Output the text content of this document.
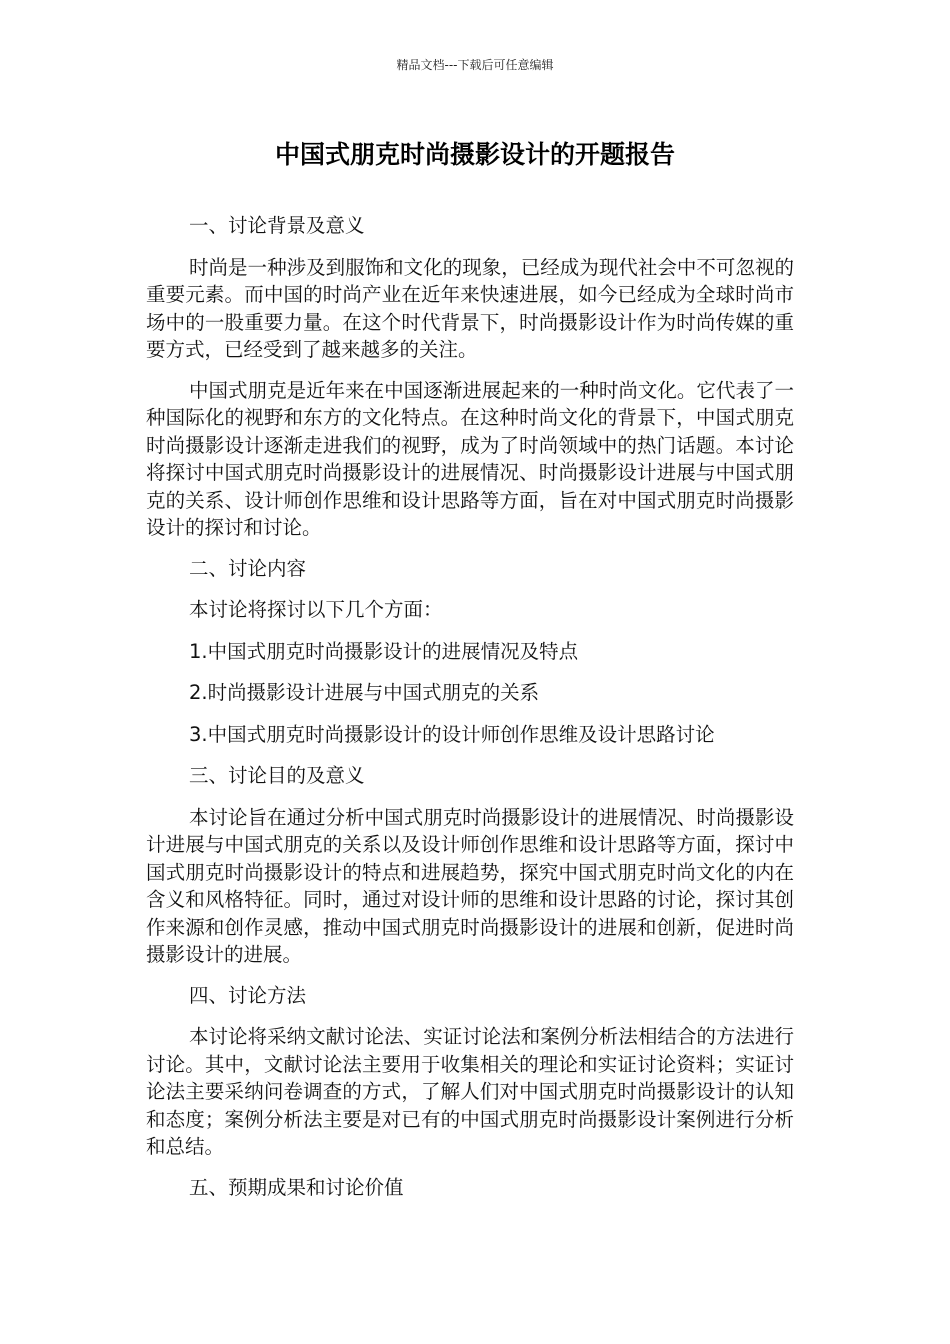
精品文档---下载后可任意编辑
中国式朋克时尚摄影设计的开题报告

一、讨论背景及意义

时尚是一种涉及到服饰和文化的现象，已经成为现代社会中不可忽视的重要元素。而中国的时尚产业在近年来快速进展，如今已经成为全球时尚市场中的一股重要力量。在这个时代背景下，时尚摄影设计作为时尚传媒的重要方式，已经受到了越来越多的关注。

中国式朋克是近年来在中国逐渐进展起来的一种时尚文化。它代表了一种国际化的视野和东方的文化特点。在这种时尚文化的背景下，中国式朋克时尚摄影设计逐渐走进我们的视野，成为了时尚领域中的热门话题。本讨论将探讨中国式朋克时尚摄影设计的进展情况、时尚摄影设计进展与中国式朋克的关系、设计师创作思维和设计思路等方面，旨在对中国式朋克时尚摄影设计的探讨和讨论。

二、讨论内容

本讨论将探讨以下几个方面：

1.中国式朋克时尚摄影设计的进展情况及特点

2.时尚摄影设计进展与中国式朋克的关系

3.中国式朋克时尚摄影设计的设计师创作思维及设计思路讨论

三、讨论目的及意义

本讨论旨在通过分析中国式朋克时尚摄影设计的进展情况、时尚摄影设计进展与中国式朋克的关系以及设计师创作思维和设计思路等方面，探讨中国式朋克时尚摄影设计的特点和进展趋势，探究中国式朋克时尚文化的内在含义和风格特征。同时，通过对设计师的思维和设计思路的讨论，探讨其创作来源和创作灵感，推动中国式朋克时尚摄影设计的进展和创新，促进时尚摄影设计的进展。

四、讨论方法

本讨论将采纳文献讨论法、实证讨论法和案例分析法相结合的方法进行讨论。其中，文献讨论法主要用于收集相关的理论和实证讨论资料；实证讨论法主要采纳问卷调查的方式，了解人们对中国式朋克时尚摄影设计的认知和态度；案例分析法主要是对已有的中国式朋克时尚摄影设计案例进行分析和总结。

五、预期成果和讨论价值
